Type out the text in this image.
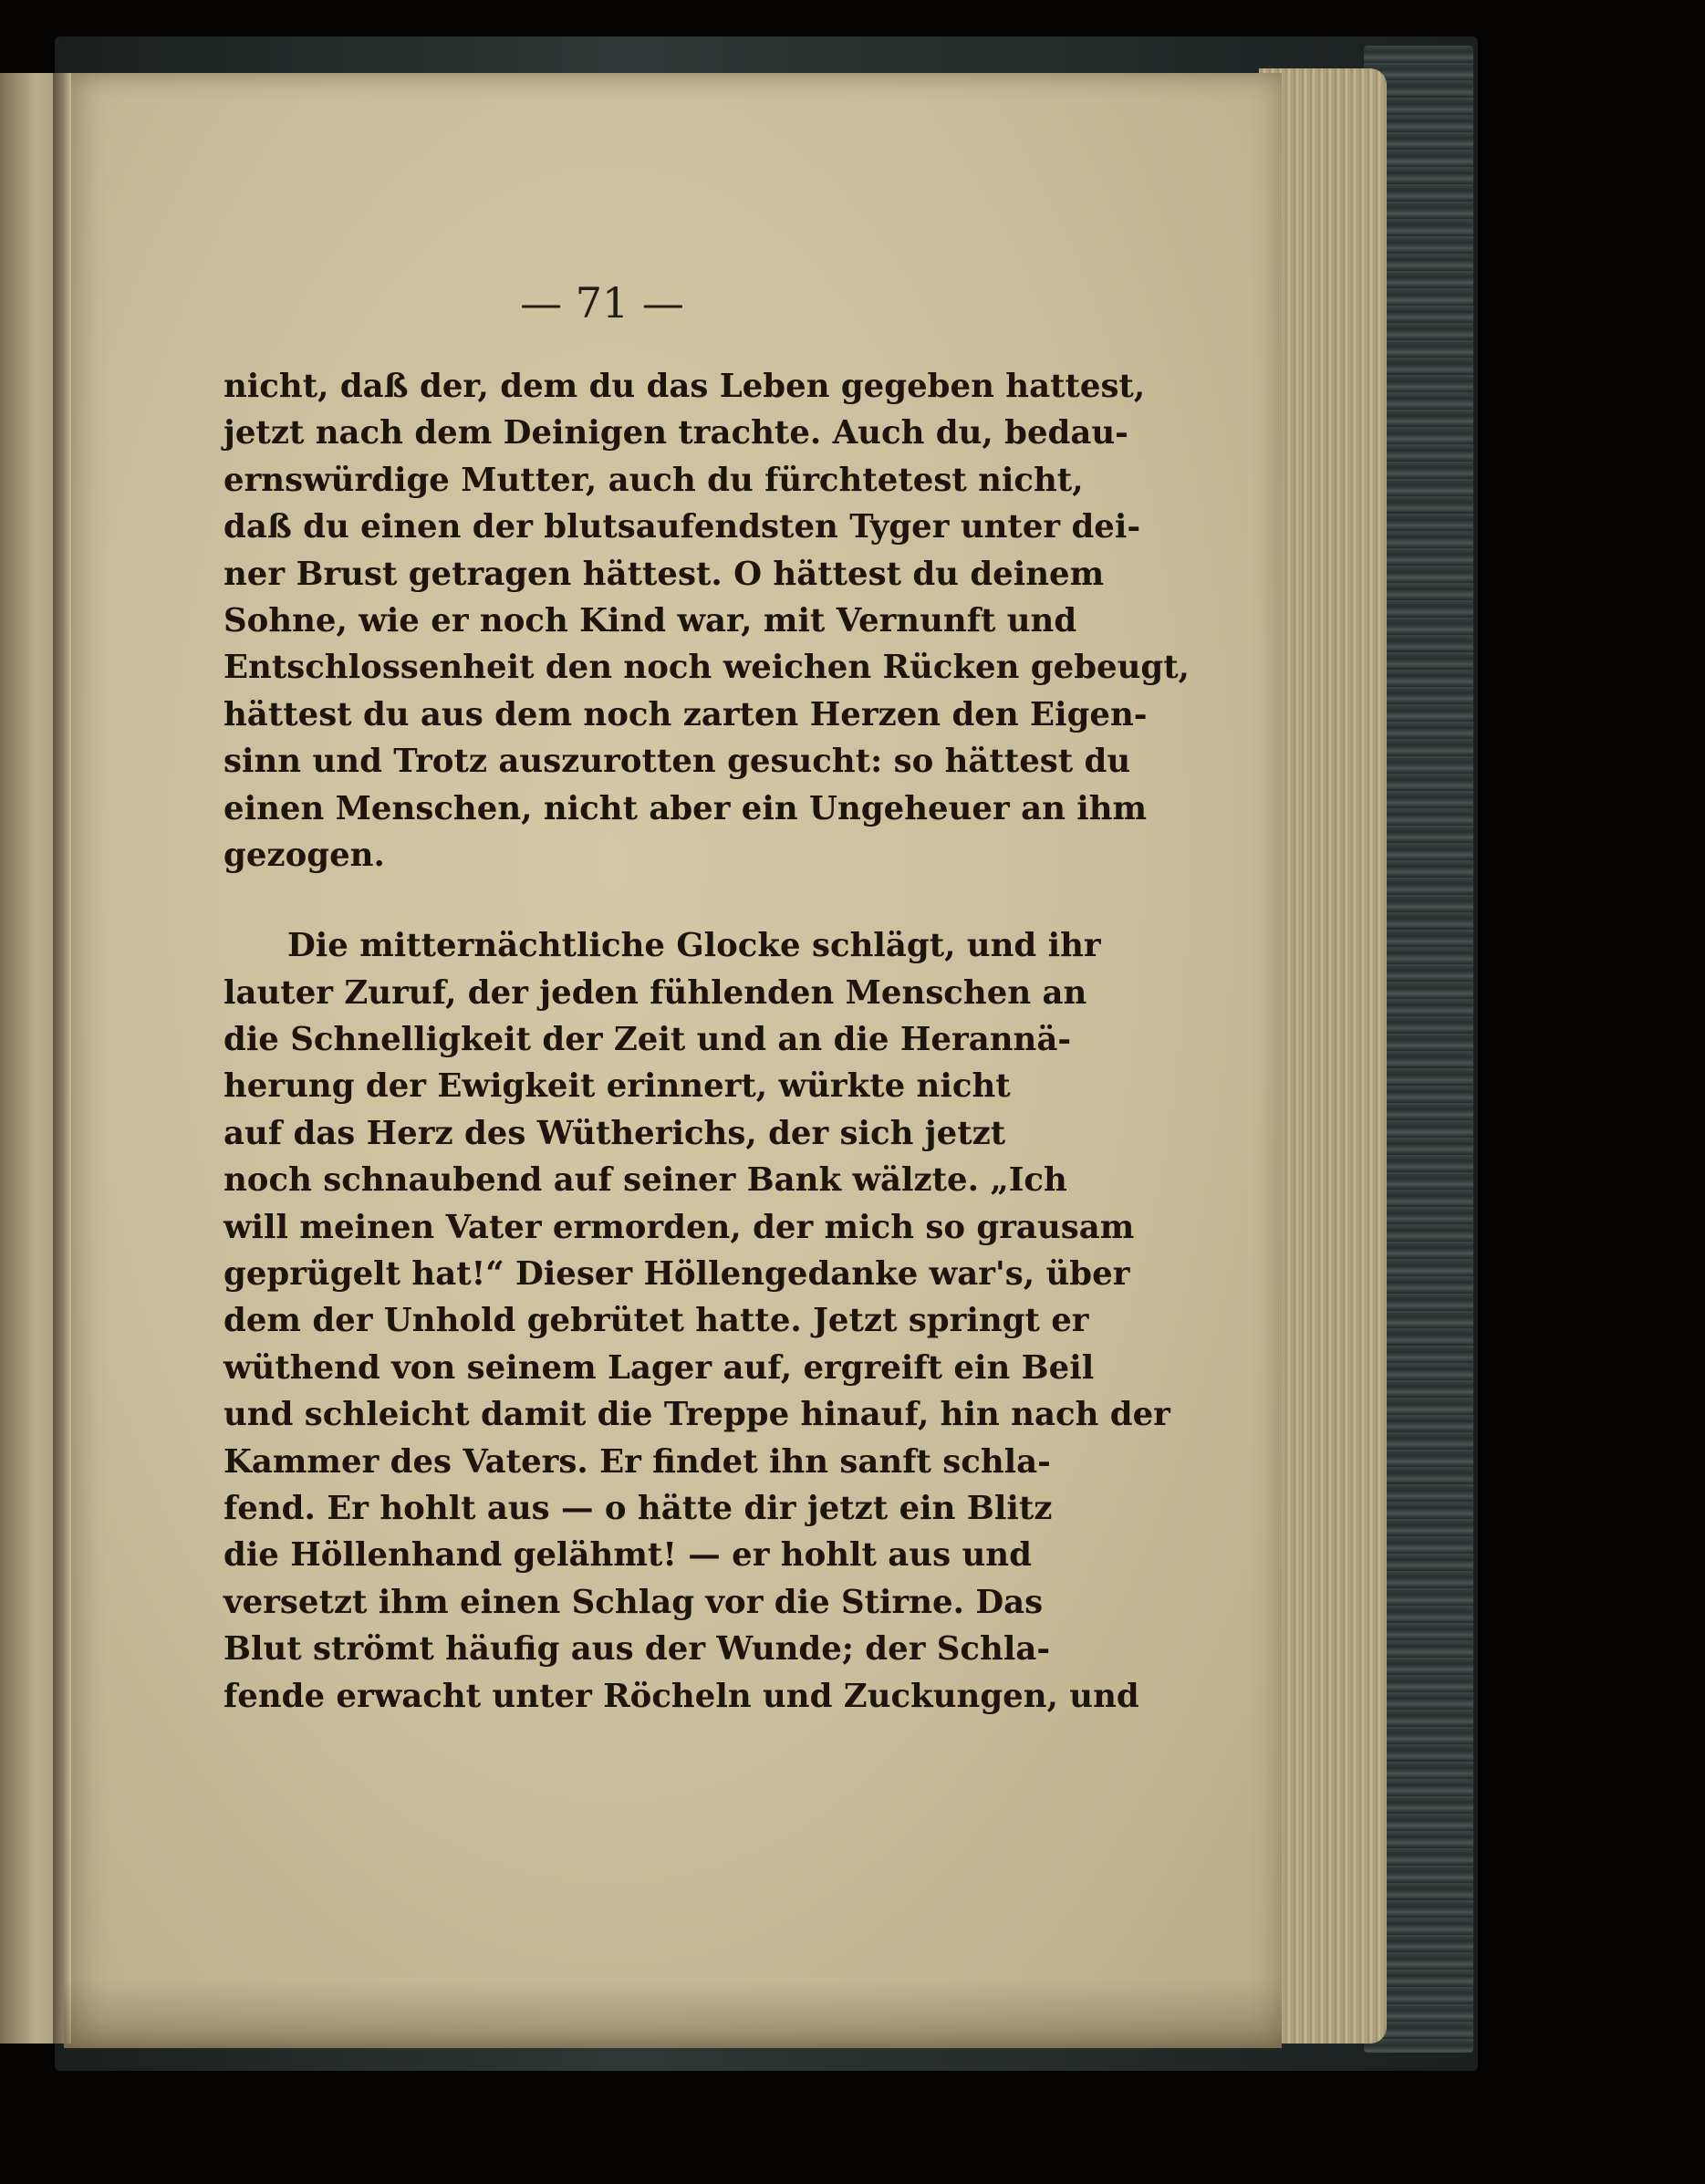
— 71 —
nicht, daß der, dem du das Leben gegeben hattest,
jetzt nach dem Deinigen trachte. Auch du, bedau-
ernswürdige Mutter, auch du fürchtetest nicht,
daß du einen der blutsaufendsten Tyger unter dei-
ner Brust getragen hättest. O hättest du deinem
Sohne, wie er noch Kind war, mit Vernunft und
Entschlossenheit den noch weichen Rücken gebeugt,
hättest du aus dem noch zarten Herzen den Eigen-
sinn und Trotz auszurotten gesucht: so hättest du
einen Menschen, nicht aber ein Ungeheuer an ihm
gezogen.
Die mitternächtliche Glocke schlägt, und ihr
lauter Zuruf, der jeden fühlenden Menschen an
die Schnelligkeit der Zeit und an die Herannä-
herung der Ewigkeit erinnert, würkte nicht
auf das Herz des Wütherichs, der sich jetzt
noch schnaubend auf seiner Bank wälzte. „Ich
will meinen Vater ermorden, der mich so grausam
geprügelt hat!“ Dieser Höllengedanke war's, über
dem der Unhold gebrütet hatte. Jetzt springt er
wüthend von seinem Lager auf, ergreift ein Beil
und schleicht damit die Treppe hinauf, hin nach der
Kammer des Vaters. Er findet ihn sanft schla-
fend. Er hohlt aus — o hätte dir jetzt ein Blitz
die Höllenhand gelähmt! — er hohlt aus und
versetzt ihm einen Schlag vor die Stirne. Das
Blut strömt häufig aus der Wunde; der Schla-
fende erwacht unter Röcheln und Zuckungen, und
